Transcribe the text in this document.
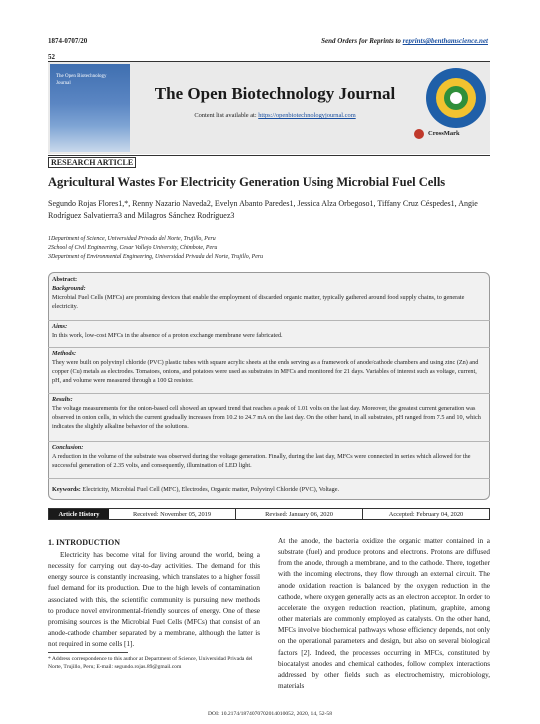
1874-0707/20	Send Orders for Reprints to reprints@benthamscience.net
52
The Open Biotechnology Journal
The Open Biotechnology Journal
Content list available at: https://openbiotechnologyjournal.com
CrossMark
RESEARCH ARTICLE
Agricultural Wastes For Electricity Generation Using Microbial Fuel Cells
Segundo Rojas Flores1,*, Renny Nazario Naveda2, Evelyn Abanto Paredes1, Jessica Alza Orbegoso1, Tiffany Cruz Céspedes1, Angie Rodríguez Salvatierra3 and Milagros Sánchez Rodríguez3
1Department of Science, Universidad Privada del Norte, Trujillo, Peru
2School of Civil Engineering, Cesar Vallejo University, Chimbote, Peru
3Department of Environmental Engineering, Universidad Privada del Norte, Trujillo, Peru
Abstract:
Background:
Microbial Fuel Cells (MFCs) are promising devices that enable the employment of discarded organic matter, typically gathered around food supply chains, to generate electricity.
Aims:
In this work, low-cost MFCs in the absence of a proton exchange membrane were fabricated.
Methods:
They were built on polyvinyl chloride (PVC) plastic tubes with square acrylic sheets at the ends serving as a framework of anode/cathode chambers and using zinc (Zn) and copper (Cu) metals as electrodes. Tomatoes, onions, and potatoes were used as substrates in MFCs and monitored for 21 days. Variables of interest such as voltage, current, pH, and volume were measured through a 100 Ω resistor.
Results:
The voltage measurements for the onion-based cell showed an upward trend that reaches a peak of 1.01 volts on the last day. Moreover, the greatest current generation was observed in onion cells, in which the current gradually increases from 10.2 to 24.7 mA on the last day. On the other hand, in all substrates, pH ranged from 7.5 and 10, which indicates the slightly alkaline behavior of the solutions.
Conclusion:
A reduction in the volume of the substrate was observed during the voltage generation. Finally, during the last day, MFCs were connected in series which allowed for the successful generation of 2.35 volts, and consequently, illumination of LED light.
Keywords: Electricity, Microbial Fuel Cell (MFC), Electrodes, Organic matter, Polyvinyl Chloride (PVC), Voltage.
Article History	Received: November 05, 2019	Revised: January 06, 2020	Accepted: February 04, 2020
1. INTRODUCTION
Electricity has become vital for living around the world, being a necessity for carrying out day-to-day activities. The demand for this energy source is constantly increasing, which translates to a higher fossil fuel demand for its production. Due to the high levels of contamination associated with this, the scientific community is pursuing new methods to produce novel environmental-friendly sources of energy. One of these promising sources is the Microbial Fuel Cells (MFCs) that consist of an anode-cathode chamber separated by a membrane, although the latter is not required in some cells [1].
At the anode, the bacteria oxidize the organic matter contained in a substrate (fuel) and produce protons and electrons. Protons are diffused from the anode, through a membrane, and to the cathode. There, together with the incoming electrons, they flow through an external circuit. The anode oxidation reaction is balanced by the oxygen reduction in the cathode, where oxygen generally acts as an electron acceptor. In order to accelerate the oxygen reduction reaction, platinum, graphite, among other materials are commonly employed as catalysts. On the other hand, MFCs involve biochemical pathways whose efficiency depends, not only on the operational parameters and design, but also on several biological factors [2]. Indeed, the processes occurring in MFCs, constituted by biocatalyst anodes and chemical cathodes, follow complex interactions addressed by other fields such as electrochemistry, microbiology, materials
* Address correspondence to this author at Department of Science, Universidad Privada del Norte, Trujillo, Peru; E-mail: segundo.rojas.89@gmail.com
DOI: 10.2174/1874070702014010052, 2020, 14, 52-58
